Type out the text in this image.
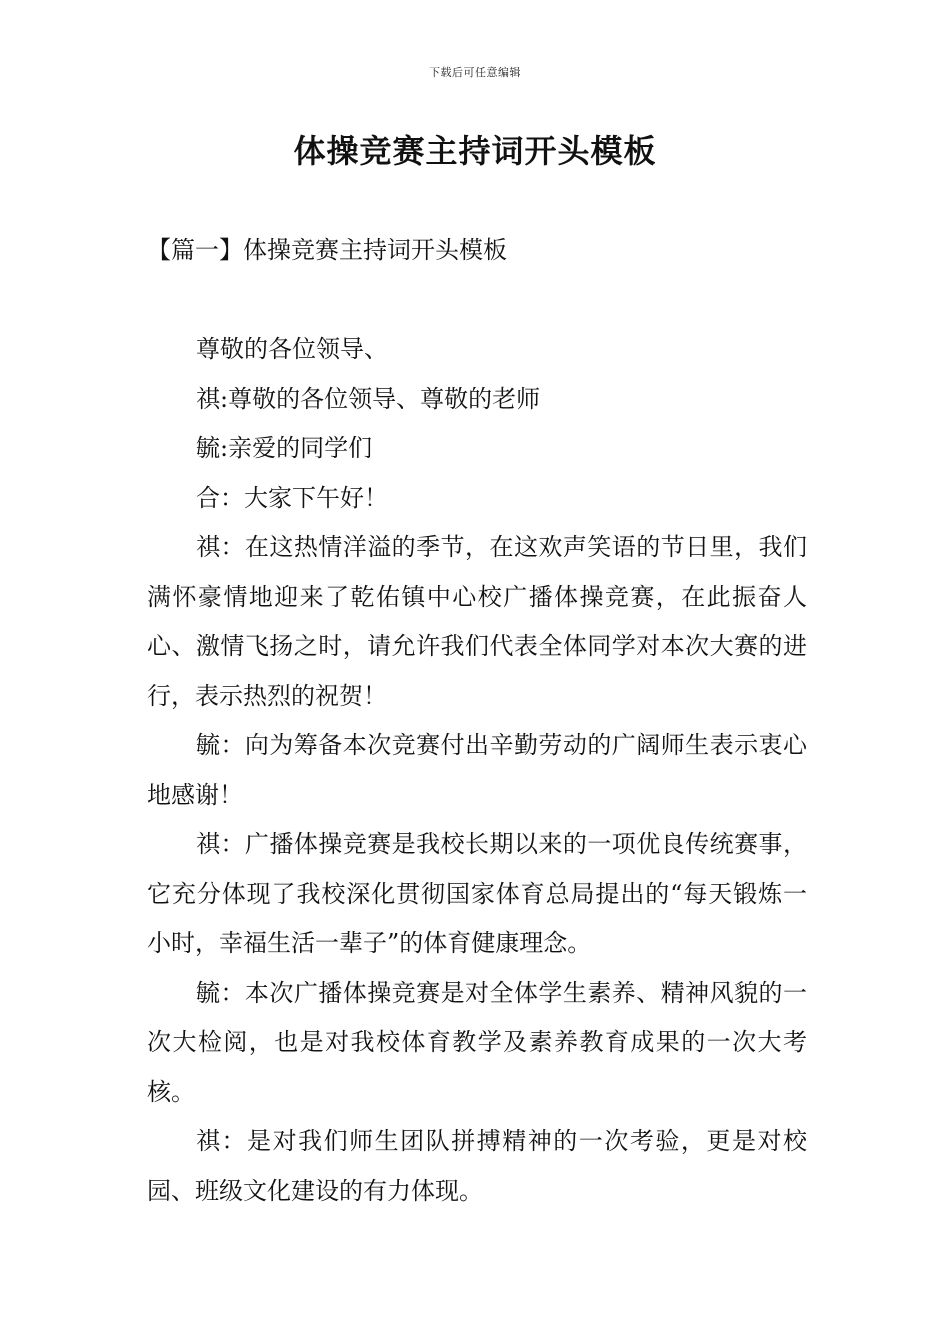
下载后可任意编辑
体操竞赛主持词开头模板
【篇一】体操竞赛主持词开头模板

尊敬的各位领导、

祺:尊敬的各位领导、尊敬的老师

毓:亲爱的同学们

合：大家下午好！

祺：在这热情洋溢的季节，在这欢声笑语的节日里，我们满怀豪情地迎来了乾佑镇中心校广播体操竞赛，在此振奋人心、激情飞扬之时，请允许我们代表全体同学对本次大赛的进行，表示热烈的祝贺！

毓：向为筹备本次竞赛付出辛勤劳动的广阔师生表示衷心地感谢！

祺：广播体操竞赛是我校长期以来的一项优良传统赛事，它充分体现了我校深化贯彻国家体育总局提出的“每天锻炼一小时，幸福生活一辈子”的体育健康理念。

毓：本次广播体操竞赛是对全体学生素养、精神风貌的一次大检阅，也是对我校体育教学及素养教育成果的一次大考核。

祺：是对我们师生团队拼搏精神的一次考验，更是对校园、班级文化建设的有力体现。
